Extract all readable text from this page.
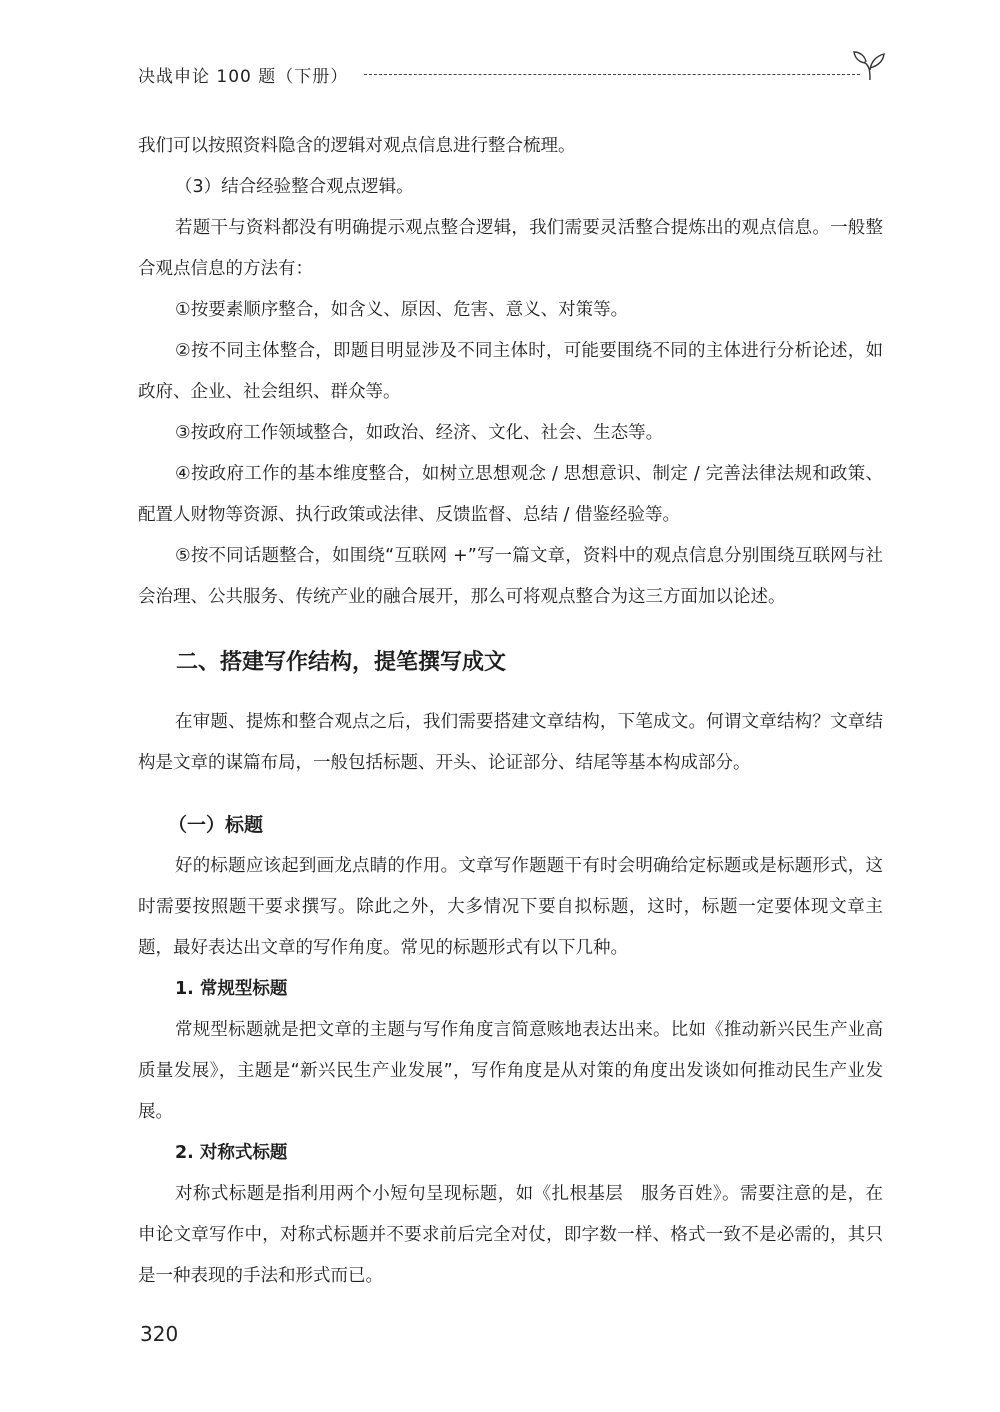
决战申论 100 题（下册）

我们可以按照资料隐含的逻辑对观点信息进行整合梳理。

（3）结合经验整合观点逻辑。

若题干与资料都没有明确提示观点整合逻辑，我们需要灵活整合提炼出的观点信息。一般整合观点信息的方法有：

①按要素顺序整合，如含义、原因、危害、意义、对策等。

②按不同主体整合，即题目明显涉及不同主体时，可能要围绕不同的主体进行分析论述，如政府、企业、社会组织、群众等。

③按政府工作领域整合，如政治、经济、文化、社会、生态等。

④按政府工作的基本维度整合，如树立思想观念 / 思想意识、制定 / 完善法律法规和政策、配置人财物等资源、执行政策或法律、反馈监督、总结 / 借鉴经验等。

⑤按不同话题整合，如围绕“互联网 +”写一篇文章，资料中的观点信息分别围绕互联网与社会治理、公共服务、传统产业的融合展开，那么可将观点整合为这三方面加以论述。

二、搭建写作结构，提笔撰写成文

在审题、提炼和整合观点之后，我们需要搭建文章结构，下笔成文。何谓文章结构？文章结构是文章的谋篇布局，一般包括标题、开头、论证部分、结尾等基本构成部分。

（一）标题

好的标题应该起到画龙点睛的作用。文章写作题题干有时会明确给定标题或是标题形式，这时需要按照题干要求撰写。除此之外，大多情况下要自拟标题，这时，标题一定要体现文章主题，最好表达出文章的写作角度。常见的标题形式有以下几种。

1. 常规型标题

常规型标题就是把文章的主题与写作角度言简意赅地表达出来。比如《推动新兴民生产业高质量发展》，主题是“新兴民生产业发展”，写作角度是从对策的角度出发谈如何推动民生产业发展。

2. 对称式标题

对称式标题是指利用两个小短句呈现标题，如《扎根基层　服务百姓》。需要注意的是，在申论文章写作中，对称式标题并不要求前后完全对仗，即字数一样、格式一致不是必需的，其只是一种表现的手法和形式而已。

320
